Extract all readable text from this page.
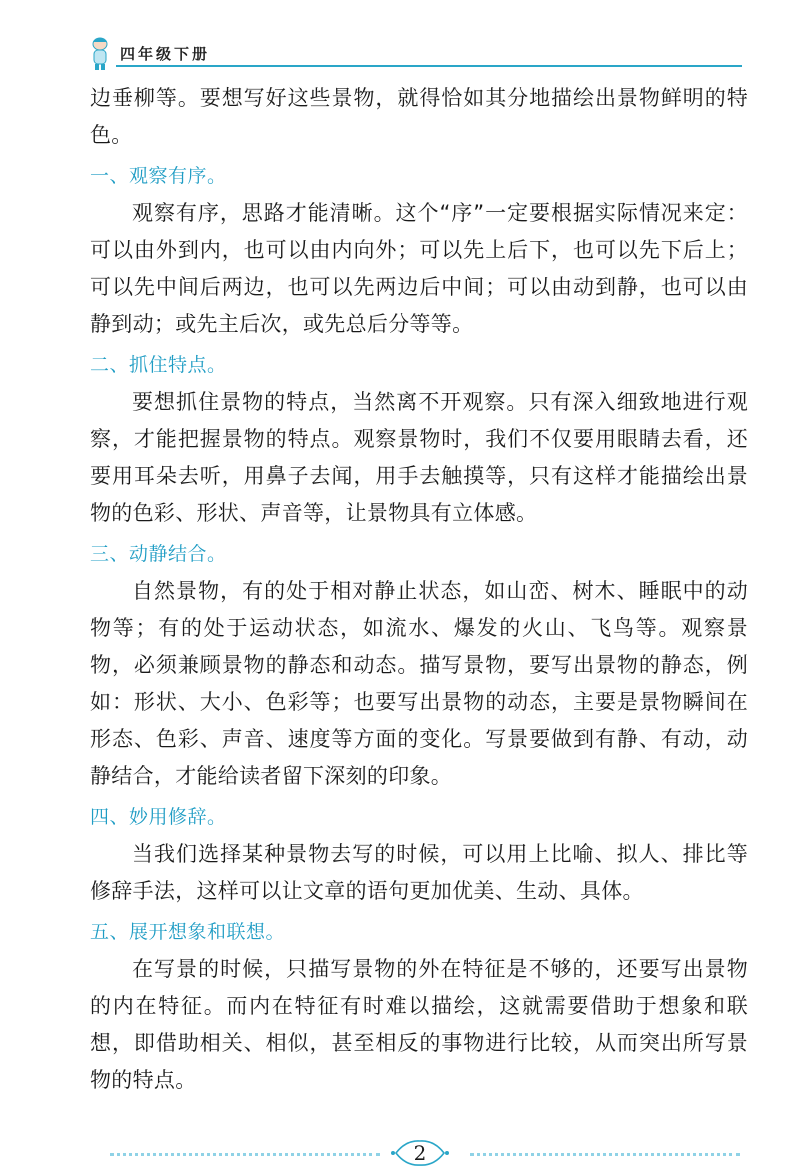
四年级下册

边垂柳等。要想写好这些景物，就得恰如其分地描绘出景物鲜明的特色。

一、观察有序。

观察有序，思路才能清晰。这个“序”一定要根据实际情况来定：可以由外到内，也可以由内向外；可以先上后下，也可以先下后上；可以先中间后两边，也可以先两边后中间；可以由动到静，也可以由静到动；或先主后次，或先总后分等等。

二、抓住特点。

要想抓住景物的特点，当然离不开观察。只有深入细致地进行观察，才能把握景物的特点。观察景物时，我们不仅要用眼睛去看，还要用耳朵去听，用鼻子去闻，用手去触摸等，只有这样才能描绘出景物的色彩、形状、声音等，让景物具有立体感。

三、动静结合。

自然景物，有的处于相对静止状态，如山峦、树木、睡眠中的动物等；有的处于运动状态，如流水、爆发的火山、飞鸟等。观察景物，必须兼顾景物的静态和动态。描写景物，要写出景物的静态，例如：形状、大小、色彩等；也要写出景物的动态，主要是景物瞬间在形态、色彩、声音、速度等方面的变化。写景要做到有静、有动，动静结合，才能给读者留下深刻的印象。

四、妙用修辞。

当我们选择某种景物去写的时候，可以用上比喻、拟人、排比等修辞手法，这样可以让文章的语句更加优美、生动、具体。

五、展开想象和联想。

在写景的时候，只描写景物的外在特征是不够的，还要写出景物的内在特征。而内在特征有时难以描绘，这就需要借助于想象和联想，即借助相关、相似，甚至相反的事物进行比较，从而突出所写景物的特点。

2
